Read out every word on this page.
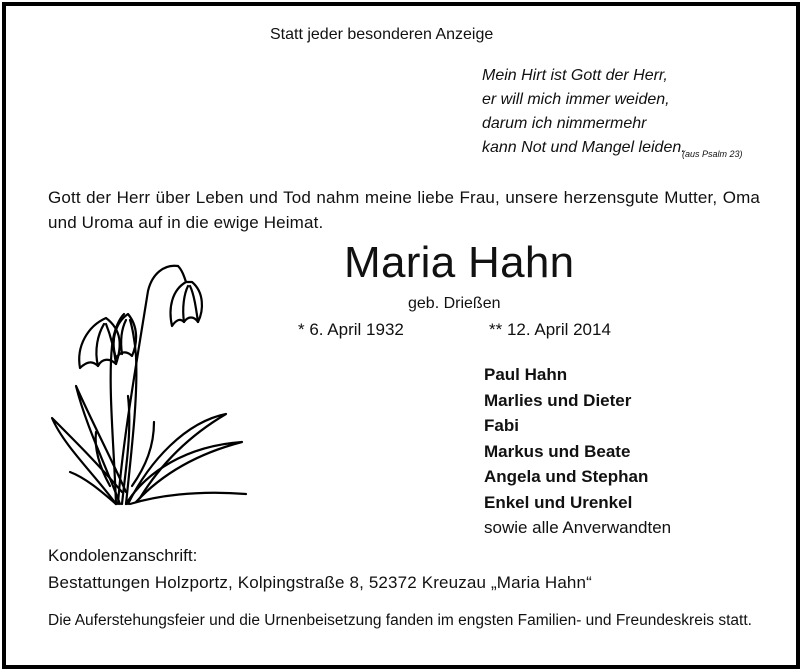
Statt jeder besonderen Anzeige
Mein Hirt ist Gott der Herr,
er will mich immer weiden,
darum ich nimmermehr
kann Not und Mangel leiden.
(aus Psalm 23)
Gott der Herr über Leben und Tod nahm meine liebe Frau, unsere herzensgute Mutter, Oma und Uroma auf in die ewige Heimat.
Maria Hahn
geb. Drießen
* 6. April 1932	** 12. April 2014
Paul Hahn
Marlies und Dieter
Fabi
Markus und Beate
Angela und Stephan
Enkel und Urenkel
sowie alle Anverwandten
Kondolenzanschrift:
Bestattungen Holzportz, Kolpingstraße 8, 52372 Kreuzau „Maria Hahn“
Die Auferstehungsfeier und die Urnenbeisetzung fanden im engsten Familien- und Freundeskreis statt.
